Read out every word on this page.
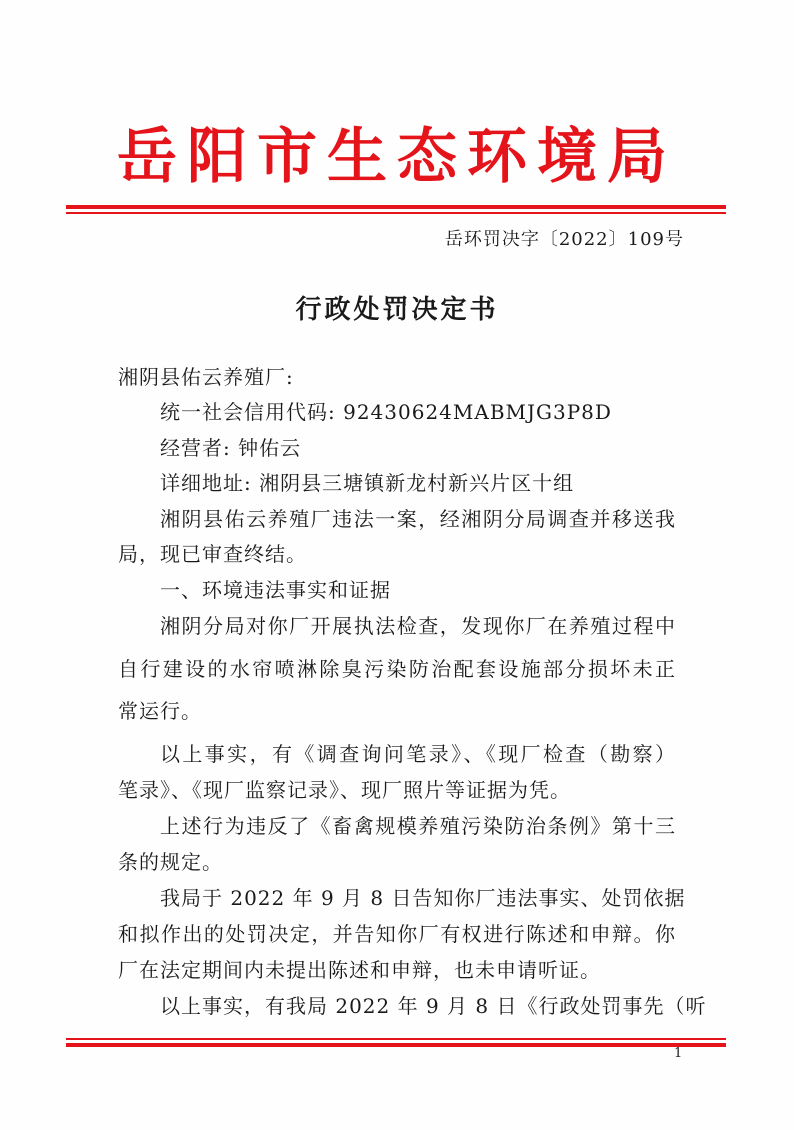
岳阳市生态环境局
岳环罚决字〔2022〕109号
行政处罚决定书
湘阴县佑云养殖厂:
统一社会信用代码: 92430624MABMJG3P8D
经营者: 钟佑云
详细地址: 湘阴县三塘镇新龙村新兴片区十组
湘阴县佑云养殖厂违法一案，经湘阴分局调查并移送我
局，现已审查终结。
一、环境违法事实和证据
湘阴分局对你厂开展执法检查，发现你厂在养殖过程中
自行建设的水帘喷淋除臭污染防治配套设施部分损坏未正
常运行。
以上事实，有《调查询问笔录》、《现厂检查（勘察）
笔录》、《现厂监察记录》、现厂照片等证据为凭。
上述行为违反了《畜禽规模养殖污染防治条例》第十三
条的规定。
我局于 2022 年 9 月 8 日告知你厂违法事实、处罚依据
和拟作出的处罚决定，并告知你厂有权进行陈述和申辩。你
厂在法定期间内未提出陈述和申辩，也未申请听证。
以上事实，有我局 2022 年 9 月 8 日《行政处罚事先（听
1
